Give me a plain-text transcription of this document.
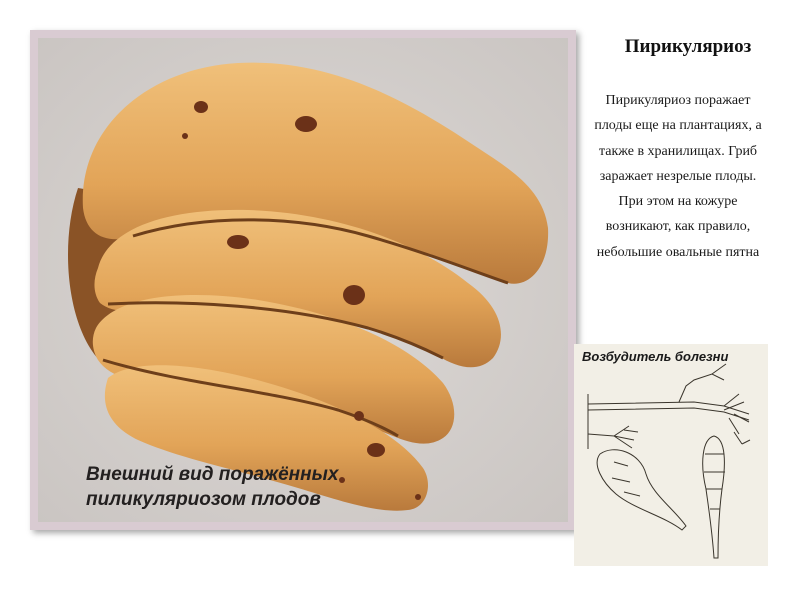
Внешний вид поражённых
пиликуляриозом плодов
Пирикуляриоз
Пирикуляриоз поражает плоды еще на плантациях, а также в хранилищах. Гриб заражает незрелые плоды. При этом на кожуре возникают, как правило, небольшие овальные пятна
Возбудитель болезни
